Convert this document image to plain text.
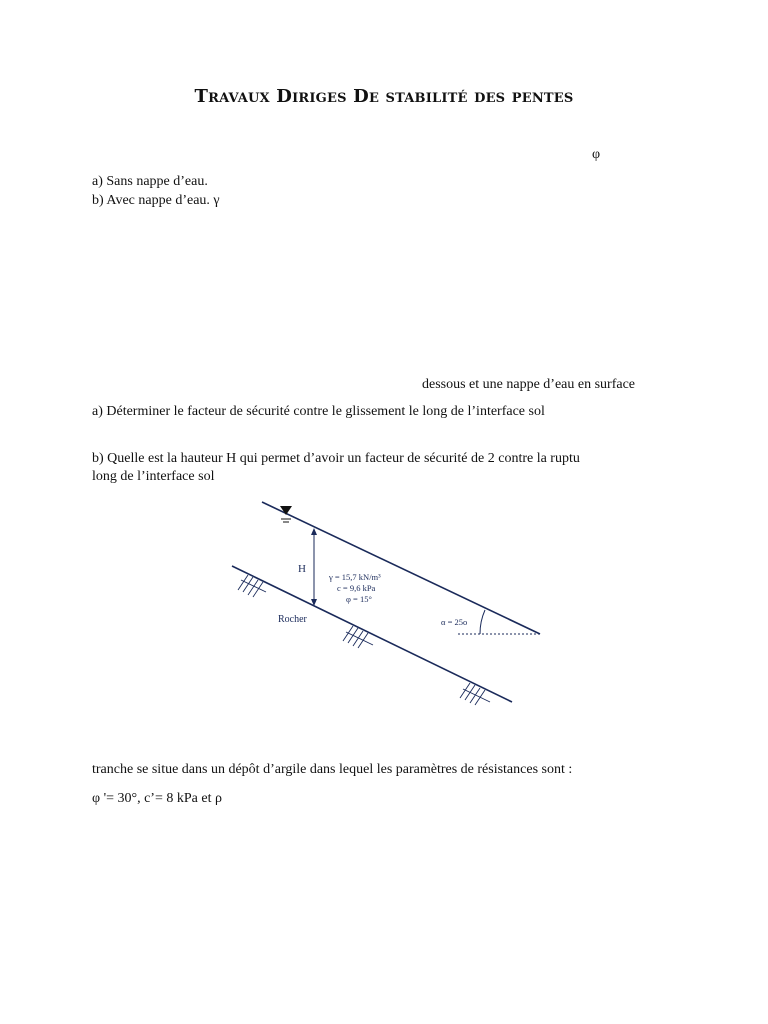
Travaux Diriges De stabilité des pentes
φ
a) Sans nappe d’eau.
b) Avec nappe d’eau. γ
dessous et une nappe d’eau en surface
a) Déterminer le facteur de sécurité contre le glissement le long de l’interface sol
b) Quelle est la hauteur H qui permet d’avoir un facteur de sécurité de 2 contre la ruptu
long de l’interface sol
H
γ = 15,7 kN/m³
c = 9,6 kPa
φ = 15°
Rocher	α = 25o
tranche se situe dans un dépôt d’argile dans lequel les paramètres de résistances sont :
φ '= 30°, c’= 8 kPa et ρ
